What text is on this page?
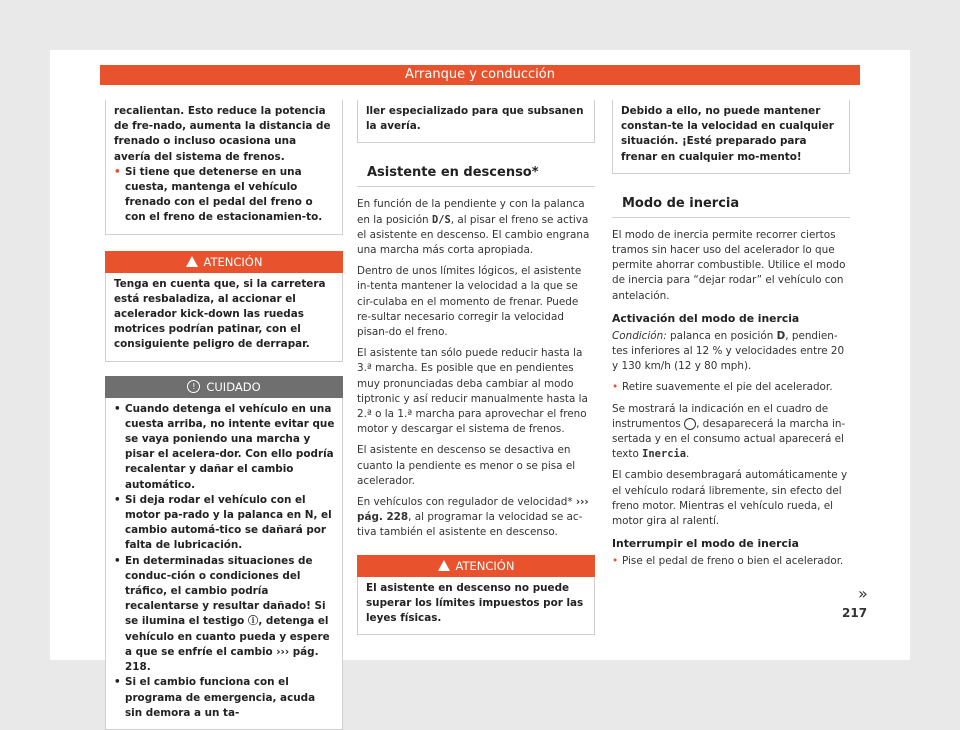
Arranque y conducción

recalientan. Esto reduce la potencia de fre-nado, aumenta la distancia de frenado o incluso ocasiona una avería del sistema de frenos.

• Si tiene que detenerse en una cuesta, mantenga el vehículo frenado con el pedal del freno o con el freno de estacionamien-to.
ATENCIÓN

Tenga en cuenta que, si la carretera está resbaladiza, al accionar el acelerador kick-down las ruedas motrices podrían patinar, con el consiguiente peligro de derrapar.

! CUIDADO
• Cuando detenga el vehículo en una cuesta arriba, no intente evitar que se vaya poniendo una marcha y pisar el acelera-dor. Con ello podría recalentar y dañar el cambio automático.
• Si deja rodar el vehículo con el motor pa-rado y la palanca en N, el cambio automá-tico se dañará por falta de lubricación.
• En determinadas situaciones de conduc-ción o condiciones del tráfico, el cambio podría recalentarse y resultar dañado! Si se ilumina el testigo ⓘ, detenga el vehículo en cuanto pueda y espere a que se enfríe el cambio ››› pág. 218.
• Si el cambio funciona con el programa de emergencia, acuda sin demora a un ta-

ller especializado para que subsanen la avería.

Asistente en descenso*

En función de la pendiente y con la palanca en la posición D/S, al pisar el freno se activa el asistente en descenso. El cambio engrana una marcha más corta apropiada.

Dentro de unos límites lógicos, el asistente in-tenta mantener la velocidad a la que se cir-culaba en el momento de frenar. Puede re-sultar necesario corregir la velocidad pisan-do el freno.

El asistente tan sólo puede reducir hasta la 3.ª marcha. Es posible que en pendientes muy pronunciadas deba cambiar al modo tiptronic y así reducir manualmente hasta la 2.ª o la 1.ª marcha para aprovechar el freno motor y descargar el sistema de frenos.

El asistente en descenso se desactiva en cuanto la pendiente es menor o se pisa el acelerador.

En vehículos con regulador de velocidad* ››› pág. 228, al programar la velocidad se ac-tiva también el asistente en descenso.

ATENCIÓN

El asistente en descenso no puede superar los límites impuestos por las leyes físicas.

Debido a ello, no puede mantener constan-te la velocidad en cualquier situación. ¡Esté preparado para frenar en cualquier mo-mento!

Modo de inercia

El modo de inercia permite recorrer ciertos tramos sin hacer uso del acelerador lo que permite ahorrar combustible. Utilice el modo de inercia para “dejar rodar” el vehículo con antelación.

Activación del modo de inercia

Condición: palanca en posición D, pendien-tes inferiores al 12 % y velocidades entre 20 y 130 km/h (12 y 80 mph).

• Retire suavemente el pie del acelerador.

Se mostrará la indicación en el cuadro de instrumentos , desaparecerá la marcha in-sertada y en el consumo actual aparecerá el texto Inercia.

El cambio desembragará automáticamente y el vehículo rodará libremente, sin efecto del freno motor. Mientras el vehículo rueda, el motor gira al ralentí.

Interrumpir el modo de inercia
• Pise el pedal de freno o bien el acelerador.
»
217
